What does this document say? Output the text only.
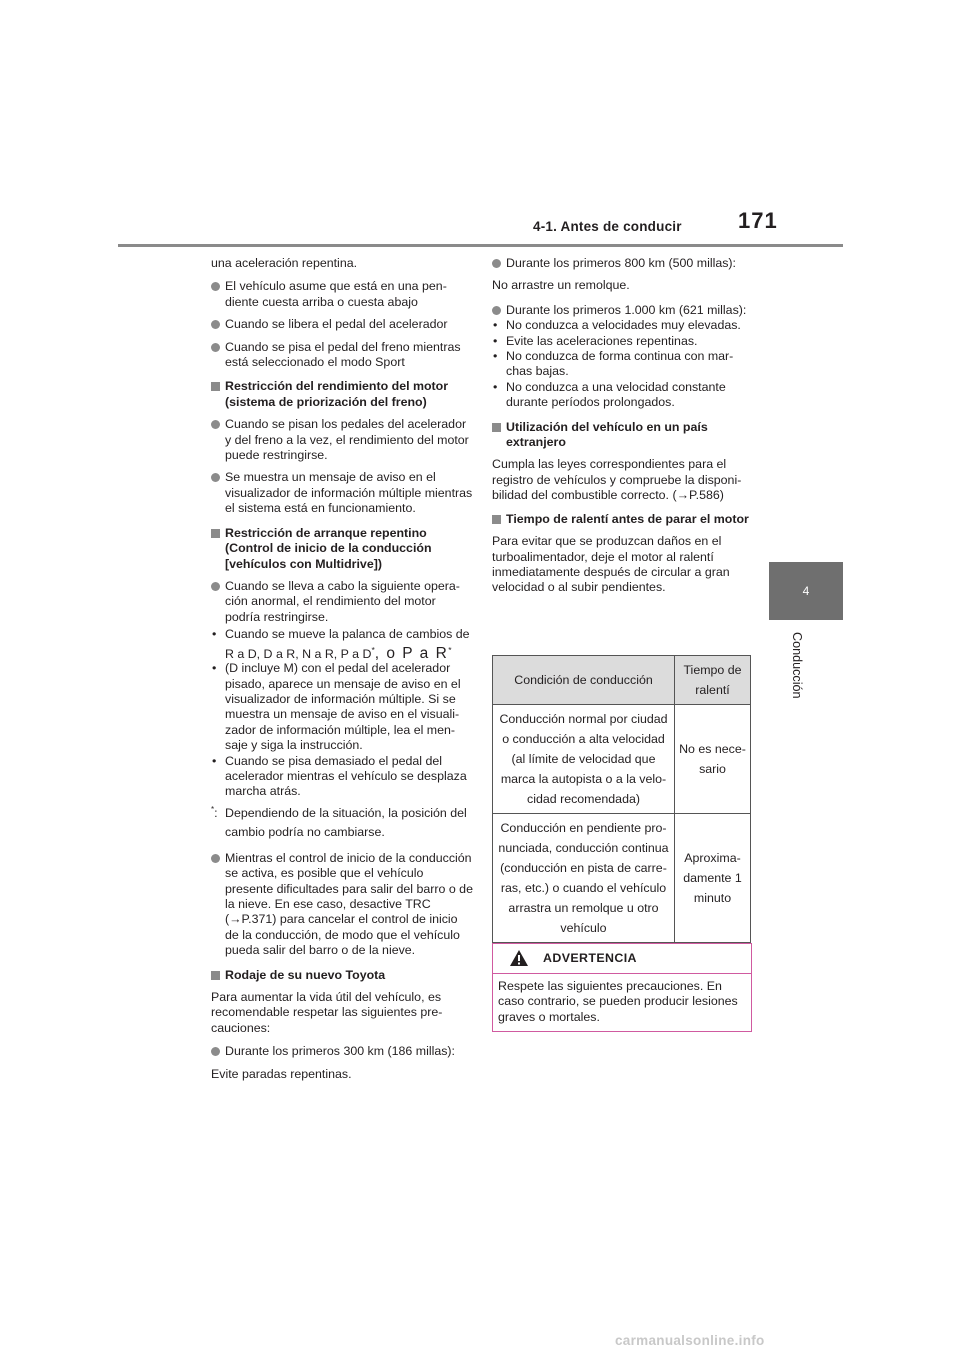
4-1. Antes de conducir	171
4
Conducción

una aceleración repentina.

El vehículo asume que está en una pendiente cuesta arriba o cuesta abajo

Cuando se libera el pedal del acelerador

Cuando se pisa el pedal del freno mientras está seleccionado el modo Sport

Restricción del rendimiento del motor (sistema de priorización del freno)

Cuando se pisan los pedales del acelerador y del freno a la vez, el rendimiento del motor puede restringirse.

Se muestra un mensaje de aviso en el visualizador de información múltiple mientras el sistema está en funcionamiento.

Restricción de arranque repentino (Control de inicio de la conducción [vehículos con Multidrive])

Cuando se lleva a cabo la siguiente operación anormal, el rendimiento del motor podría restringirse.

• Cuando se mueve la palanca de cambios de R a D, D a R, N a R, P a D*, o P a R*
• (D incluye M) con el pedal del acelerador pisado, aparece un mensaje de aviso en el visualizador de información múltiple. Si se muestra un mensaje de aviso en el visualizador de información múltiple, lea el mensaje y siga la instrucción.
• Cuando se pisa demasiado el pedal del acelerador mientras el vehículo se desplaza marcha atrás.
*: Dependiendo de la situación, la posición del cambio podría no cambiarse.

Mientras el control de inicio de la conducción se activa, es posible que el vehículo presente dificultades para salir del barro o de la nieve. En ese caso, desactive TRC (→P.371) para cancelar el control de inicio de la conducción, de modo que el vehículo pueda salir del barro o de la nieve.

Rodaje de su nuevo Toyota

Para aumentar la vida útil del vehículo, es recomendable respetar las siguientes precauciones:

Durante los primeros 300 km (186 millas):

Evite paradas repentinas.

Durante los primeros 800 km (500 millas):

No arrastre un remolque.

Durante los primeros 1.000 km (621 millas):

• No conduzca a velocidades muy elevadas.
• Evite las aceleraciones repentinas.
• No conduzca de forma continua con marchas bajas.
• No conduzca a una velocidad constante durante períodos prolongados.

Utilización del vehículo en un país extranjero

Cumpla las leyes correspondientes para el registro de vehículos y compruebe la disponibilidad del combustible correcto. (→P.586)

Tiempo de ralentí antes de parar el motor

Para evitar que se produzcan daños en el turboalimentador, deje el motor al ralentí inmediatamente después de circular a gran velocidad o al subir pendientes.

Condición de conducción	Tiempo de ralentí
Conducción normal por ciudad o conducción a alta velocidad (al límite de velocidad que marca la autopista o a la velocidad recomendada)	No es necesario
Conducción en pendiente pronunciada, conducción continua (conducción en pista de carreras, etc.) o cuando el vehículo arrastra un remolque u otro vehículo	Aproximadamente 1 minuto
ADVERTENCIA
Respete las siguientes precauciones. En caso contrario, se pueden producir lesiones graves o mortales.
carmanualsonline.info
